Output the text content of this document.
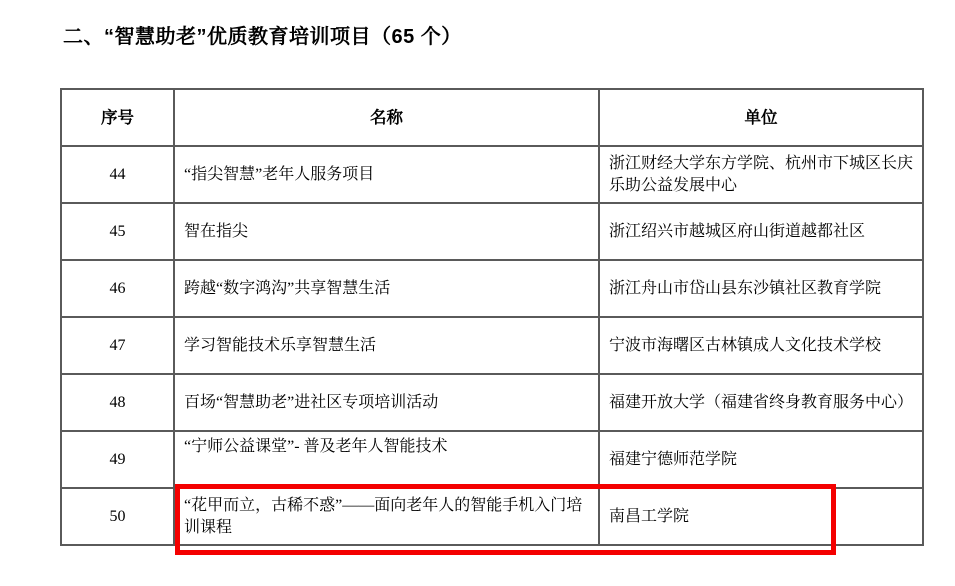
二、“智慧助老”优质教育培训项目（65 个）
序号	名称	单位
44	“指尖智慧”老年人服务项目	浙江财经大学东方学院、杭州市下城区长庆乐助公益发展中心
45	智在指尖	浙江绍兴市越城区府山街道越都社区
46	跨越“数字鸿沟”共享智慧生活	浙江舟山市岱山县东沙镇社区教育学院
47	学习智能技术乐享智慧生活	宁波市海曙区古林镇成人文化技术学校
48	百场“智慧助老”进社区专项培训活动	福建开放大学（福建省终身教育服务中心）
49	“宁师公益课堂”- 普及老年人智能技术	福建宁德师范学院
50	“花甲而立，古稀不惑”——面向老年人的智能手机入门培训课程	南昌工学院
